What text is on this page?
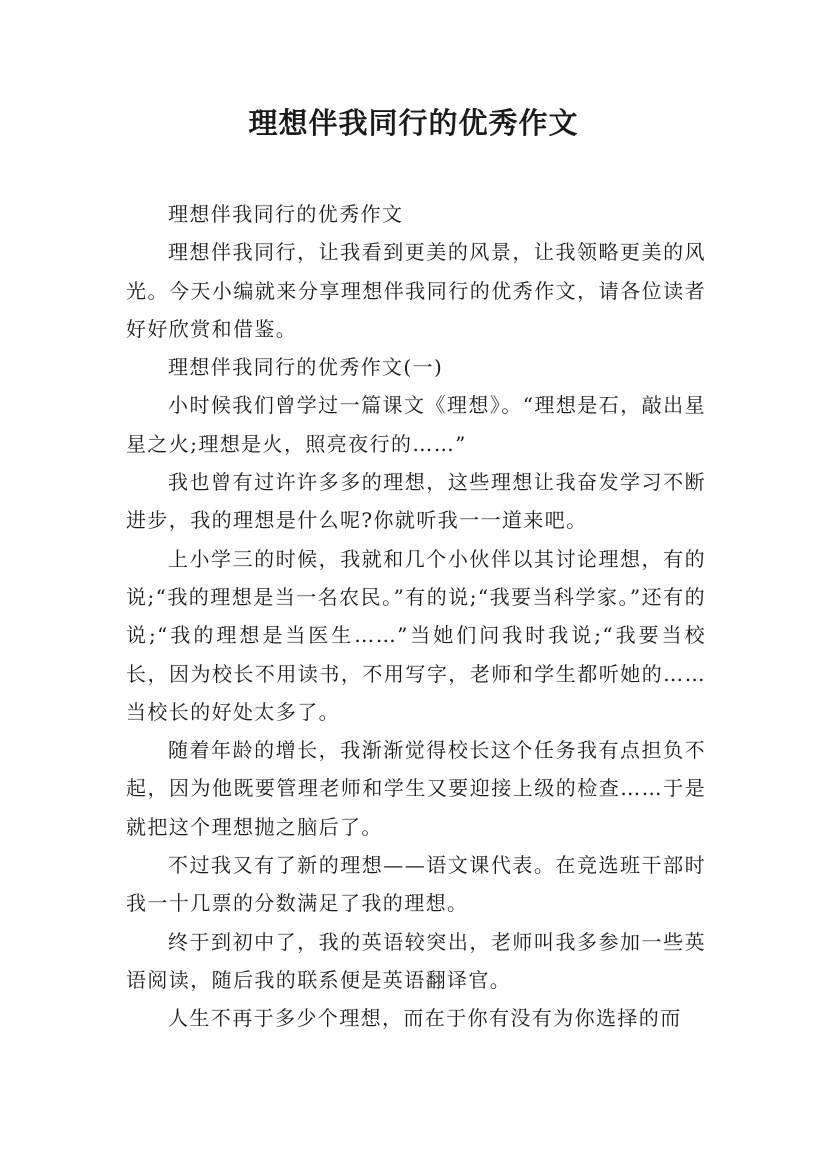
理想伴我同行的优秀作文

理想伴我同行的优秀作文

理想伴我同行，让我看到更美的风景，让我领略更美的风光。今天小编就来分享理想伴我同行的优秀作文，请各位读者好好欣赏和借鉴。

理想伴我同行的优秀作文(一)

小时候我们曾学过一篇课文《理想》。“理想是石，敲出星星之火;理想是火，照亮夜行的……”

我也曾有过许许多多的理想，这些理想让我奋发学习不断进步，我的理想是什么呢?你就听我一一道来吧。

上小学三的时候，我就和几个小伙伴以其讨论理想，有的说;“我的理想是当一名农民。”有的说;“我要当科学家。”还有的说;“我的理想是当医生……”当她们问我时我说;“我要当校长，因为校长不用读书，不用写字，老师和学生都听她的……当校长的好处太多了。

随着年龄的增长，我渐渐觉得校长这个任务我有点担负不起，因为他既要管理老师和学生又要迎接上级的检查……于是就把这个理想抛之脑后了。

不过我又有了新的理想——语文课代表。在竞选班干部时我一十几票的分数满足了我的理想。

终于到初中了，我的英语较突出，老师叫我多参加一些英语阅读，随后我的联系便是英语翻译官。

人生不再于多少个理想，而在于你有没有为你选择的而
